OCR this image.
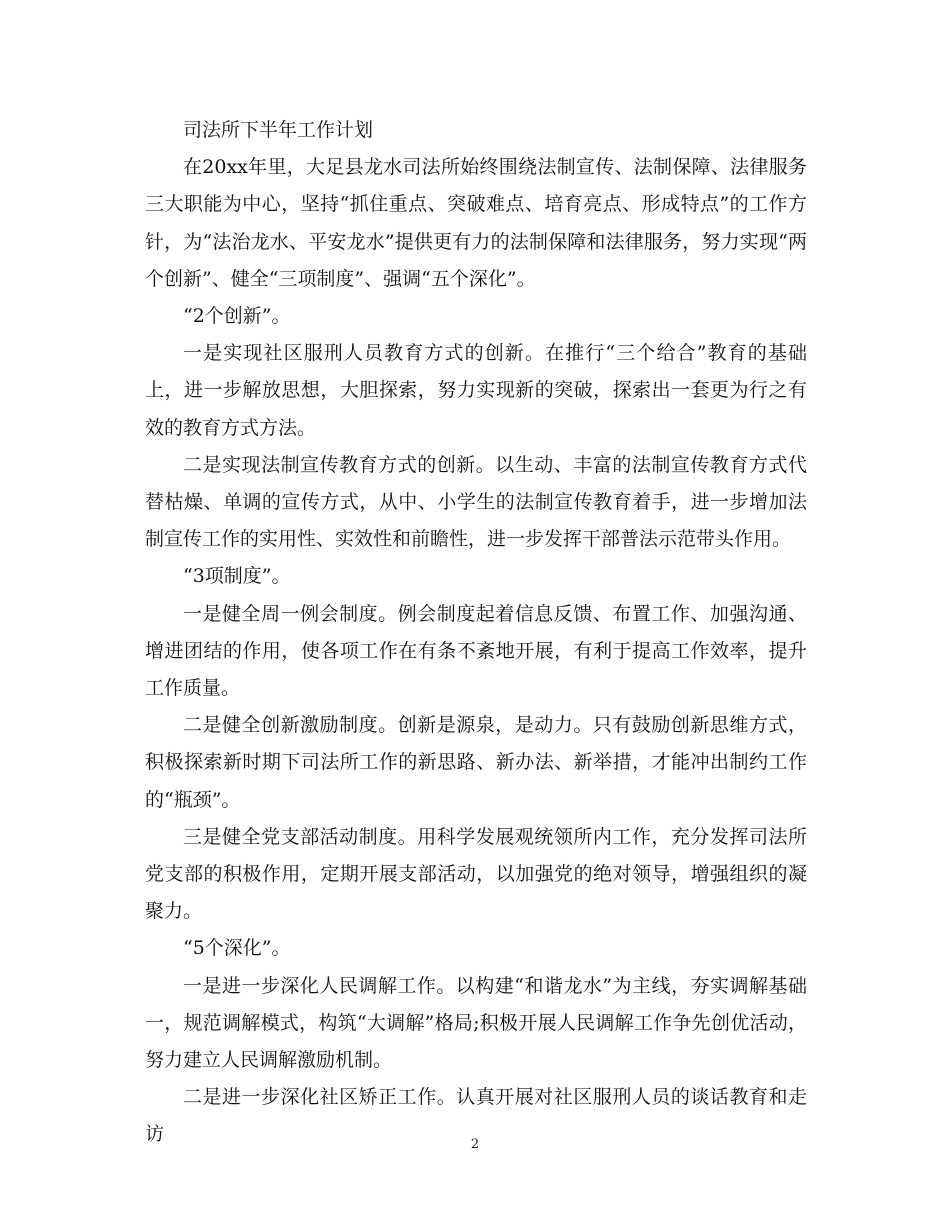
司法所下半年工作计划

在20xx年里，大足县龙水司法所始终围绕法制宣传、法制保障、法律服务三大职能为中心，坚持“抓住重点、突破难点、培育亮点、形成特点”的工作方针，为“法治龙水、平安龙水”提供更有力的法制保障和法律服务，努力实现“两个创新”、健全“三项制度”、强调“五个深化”。

“2个创新”。

一是实现社区服刑人员教育方式的创新。在推行“三个给合”教育的基础上，进一步解放思想，大胆探索，努力实现新的突破，探索出一套更为行之有效的教育方式方法。

二是实现法制宣传教育方式的创新。以生动、丰富的法制宣传教育方式代替枯燥、单调的宣传方式，从中、小学生的法制宣传教育着手，进一步增加法制宣传工作的实用性、实效性和前瞻性，进一步发挥干部普法示范带头作用。

“3项制度”。

一是健全周一例会制度。例会制度起着信息反馈、布置工作、加强沟通、增进团结的作用，使各项工作在有条不紊地开展，有利于提高工作效率，提升工作质量。

二是健全创新激励制度。创新是源泉，是动力。只有鼓励创新思维方式，积极探索新时期下司法所工作的新思路、新办法、新举措，才能冲出制约工作的“瓶颈”。

三是健全党支部活动制度。用科学发展观统领所内工作，充分发挥司法所党支部的积极作用，定期开展支部活动，以加强党的绝对领导，增强组织的凝聚力。

“5个深化”。

一是进一步深化人民调解工作。以构建“和谐龙水”为主线，夯实调解基础一，规范调解模式，构筑“大调解”格局;积极开展人民调解工作争先创优活动，努力建立人民调解激励机制。

二是进一步深化社区矫正工作。认真开展对社区服刑人员的谈话教育和走访	2
